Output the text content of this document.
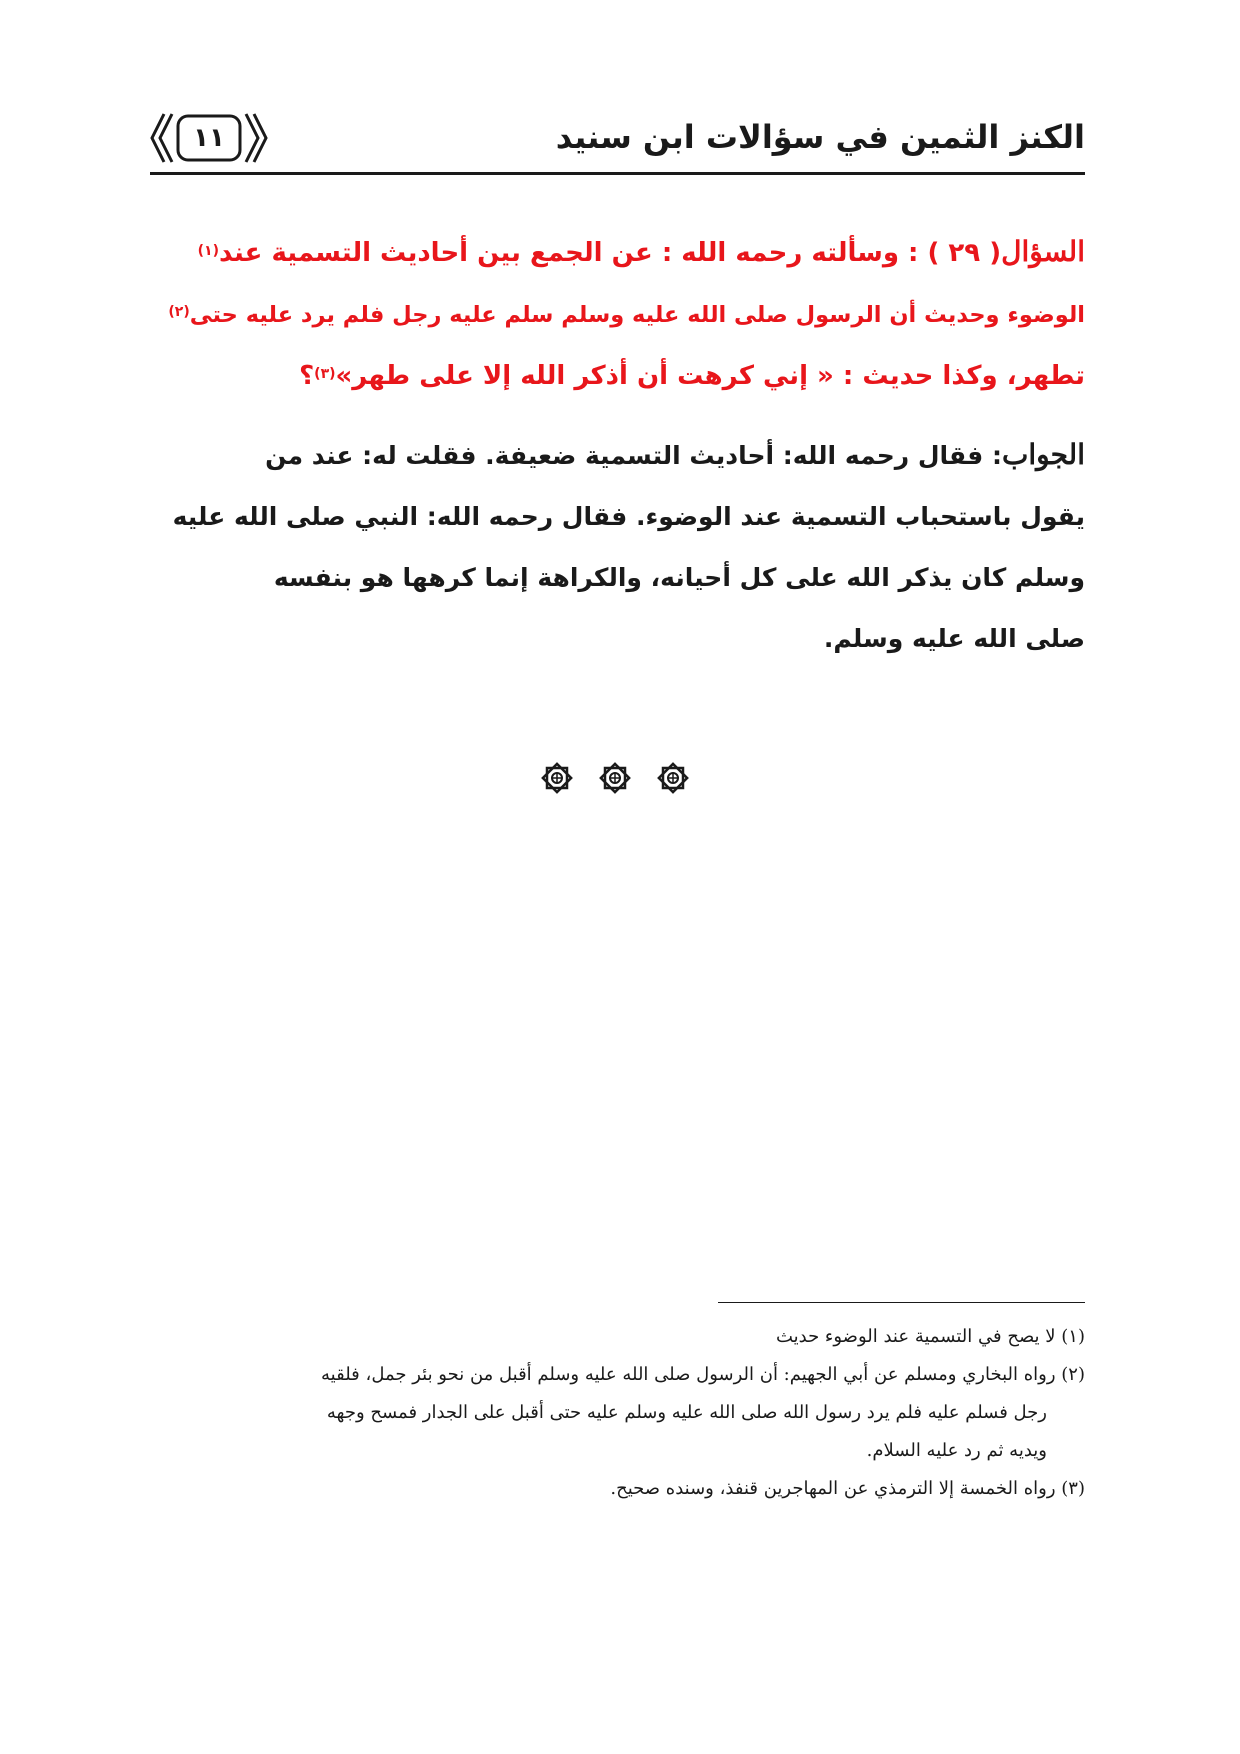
١١	الكنز الثمين في سؤالات ابن سنيد
السؤال( ٢٩ ) : وسألته رحمه الله : عن الجمع بين أحاديث التسمية عند$^{(١)}$
الوضوء وحديث أن الرسول صلى الله عليه وسلم سلم عليه رجل فلم يرد عليه حتى$^{(٢)}$
تطهر، وكذا حديث : « إني كرهت أن أذكر الله إلا على طهر»$^{(٣)}$؟
الجواب: فقال رحمه الله: أحاديث التسمية ضعيفة. فقلت له: عند من
يقول باستحباب التسمية عند الوضوء. فقال رحمه الله: النبي صلى الله عليه
وسلم كان يذكر الله على كل أحيانه، والكراهة إنما كرهها هو بنفسه
صلى الله عليه وسلم.
(١) لا يصح في التسمية عند الوضوء حديث
(٢) رواه البخاري ومسلم عن أبي الجهيم: أن الرسول صلى الله عليه وسلم أقبل من نحو بئر جمل، فلقيه
رجل فسلم عليه فلم يرد رسول الله صلى الله عليه وسلم عليه حتى أقبل على الجدار فمسح وجهه
ويديه ثم رد عليه السلام.
(٣) رواه الخمسة إلا الترمذي عن المهاجرين قنفذ، وسنده صحيح.
